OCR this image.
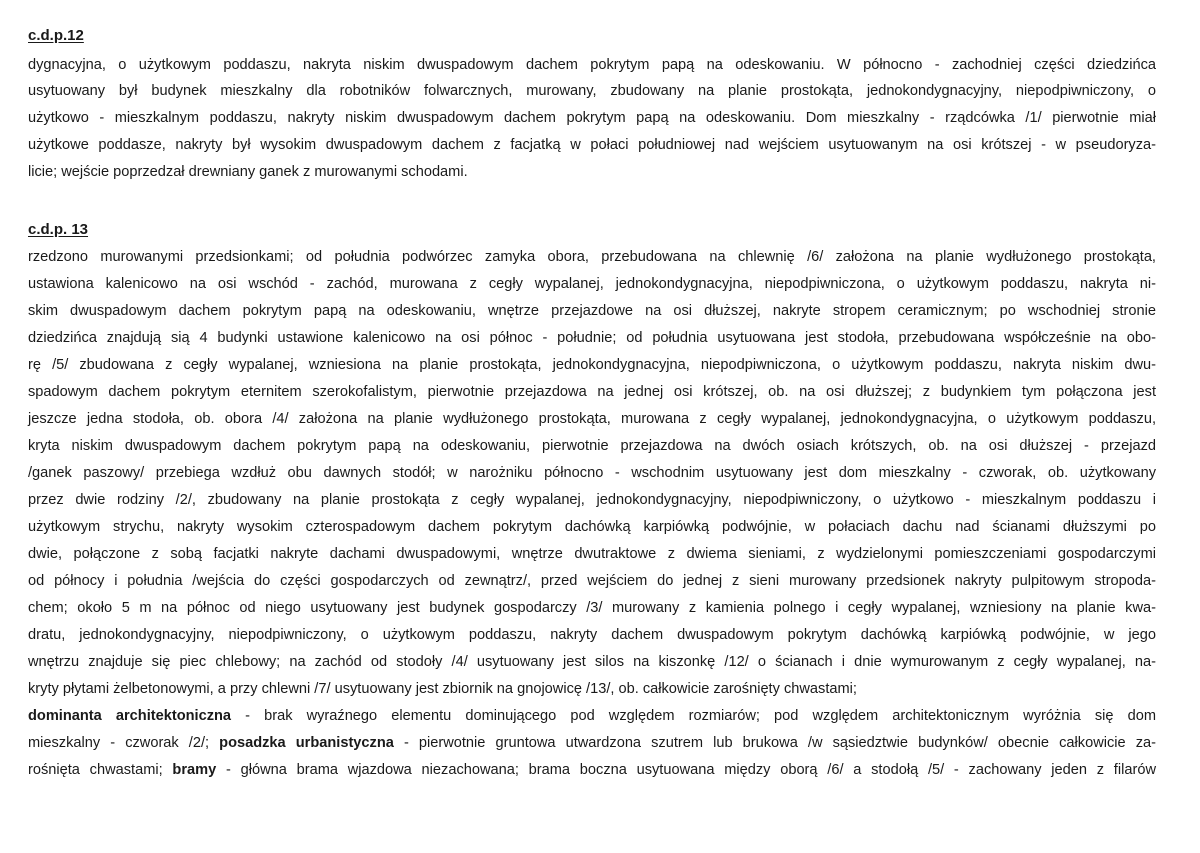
c.d.p.12
dygnacyjna, o użytkowym poddaszu, nakryta niskim dwuspadowym dachem pokrytym papą na odeskowaniu. W północno - zachodniej części dziedzińca
usytuowany był budynek mieszkalny dla robotników folwarcznych, murowany, zbudowany na planie prostokąta, jednokondygnacyjny, niepodpiwniczony, o
użytkowo - mieszkalnym poddaszu, nakryty niskim dwuspadowym dachem pokrytym papą na odeskowaniu. Dom mieszkalny - rządcówka /1/ pierwotnie miał
użytkowe poddasze, nakryty był wysokim dwuspadowym dachem z facjatką w połaci południowej nad wejściem usytuowanym na osi krótszej - w pseudoryza-
licie; wejście poprzedzał drewniany ganek z murowanymi schodami.
c.d.p. 13
rzedzono murowanymi przedsionkami; od południa podwórzec zamyka obora, przebudowana na chlewnię /6/ założona na planie wydłużonego prostokąta,
ustawiona kalenicowo na osi wschód - zachód, murowana z cegły wypalanej, jednokondygnacyjna, niepodpiwniczona, o użytkowym poddaszu, nakryta ni-
skim dwuspadowym dachem pokrytym papą na odeskowaniu, wnętrze przejazdowe na osi dłuższej, nakryte stropem ceramicznym; po wschodniej stronie
dziedzińca znajdują sią 4 budynki ustawione kalenicowo na osi północ - południe; od południa usytuowana jest stodoła, przebudowana współcześnie na obo-
rę /5/ zbudowana z cegły wypalanej, wzniesiona na planie prostokąta, jednokondygnacyjna, niepodpiwniczona, o użytkowym poddaszu, nakryta niskim dwu-
spadowym dachem pokrytym eternitem szerokofalistym, pierwotnie przejazdowa na jednej osi krótszej, ob. na osi dłuższej; z budynkiem tym połączona jest
jeszcze jedna stodoła, ob. obora /4/ założona na planie wydłużonego prostokąta, murowana z cegły wypalanej, jednokondygnacyjna, o użytkowym poddaszu,
kryta niskim dwuspadowym dachem pokrytym papą na odeskowaniu, pierwotnie przejazdowa na dwóch osiach krótszych, ob. na osi dłuższej - przejazd
/ganek paszowy/ przebiega wzdłuż obu dawnych stodół; w narożniku północno - wschodnim usytuowany jest dom mieszkalny - czworak, ob. użytkowany
przez dwie rodziny /2/, zbudowany na planie prostokąta z cegły wypalanej, jednokondygnacyjny, niepodpiwniczony, o użytkowo - mieszkalnym poddaszu i
użytkowym strychu, nakryty wysokim czterospadowym dachem pokrytym dachówką karpiówką podwójnie, w połaciach dachu nad ścianami dłuższymi po
dwie, połączone z sobą facjatki nakryte dachami dwuspadowymi, wnętrze dwutraktowe z dwiema sieniami, z wydzielonymi pomieszczeniami gospodarczymi
od północy i południa /wejścia do części gospodarczych od zewnątrz/, przed wejściem do jednej z sieni murowany przedsionek nakryty pulpitowym stropoda-
chem; około 5 m na północ od niego usytuowany jest budynek gospodarczy /3/ murowany z kamienia polnego i cegły wypalanej, wzniesiony na planie kwa-
dratu, jednokondygnacyjny, niepodpiwniczony, o użytkowym poddaszu, nakryty dachem dwuspadowym pokrytym dachówką karpiówką podwójnie, w jego
wnętrzu znajduje się piec chlebowy; na zachód od stodoły /4/ usytuowany jest silos na kiszonkę /12/ o ścianach i dnie wymurowanym z cegły wypalanej, na-
kryty płytami żelbetonowymi, a przy chlewni /7/ usytuowany jest zbiornik na gnojowicę /13/, ob. całkowicie zarośnięty chwastami;
dominanta architektoniczna - brak wyraźnego elementu dominującego pod względem rozmiarów; pod względem architektonicznym wyróżnia się dom
mieszkalny - czworak /2/; posadzka urbanistyczna - pierwotnie gruntowa utwardzona szutrem lub brukowa /w sąsiedztwie budynków/ obecnie całkowicie za-
rośnięta chwastami; bramy - główna brama wjazdowa niezachowana; brama boczna usytuowana między oborą /6/ a stodołą /5/ - zachowany jeden z filarów
